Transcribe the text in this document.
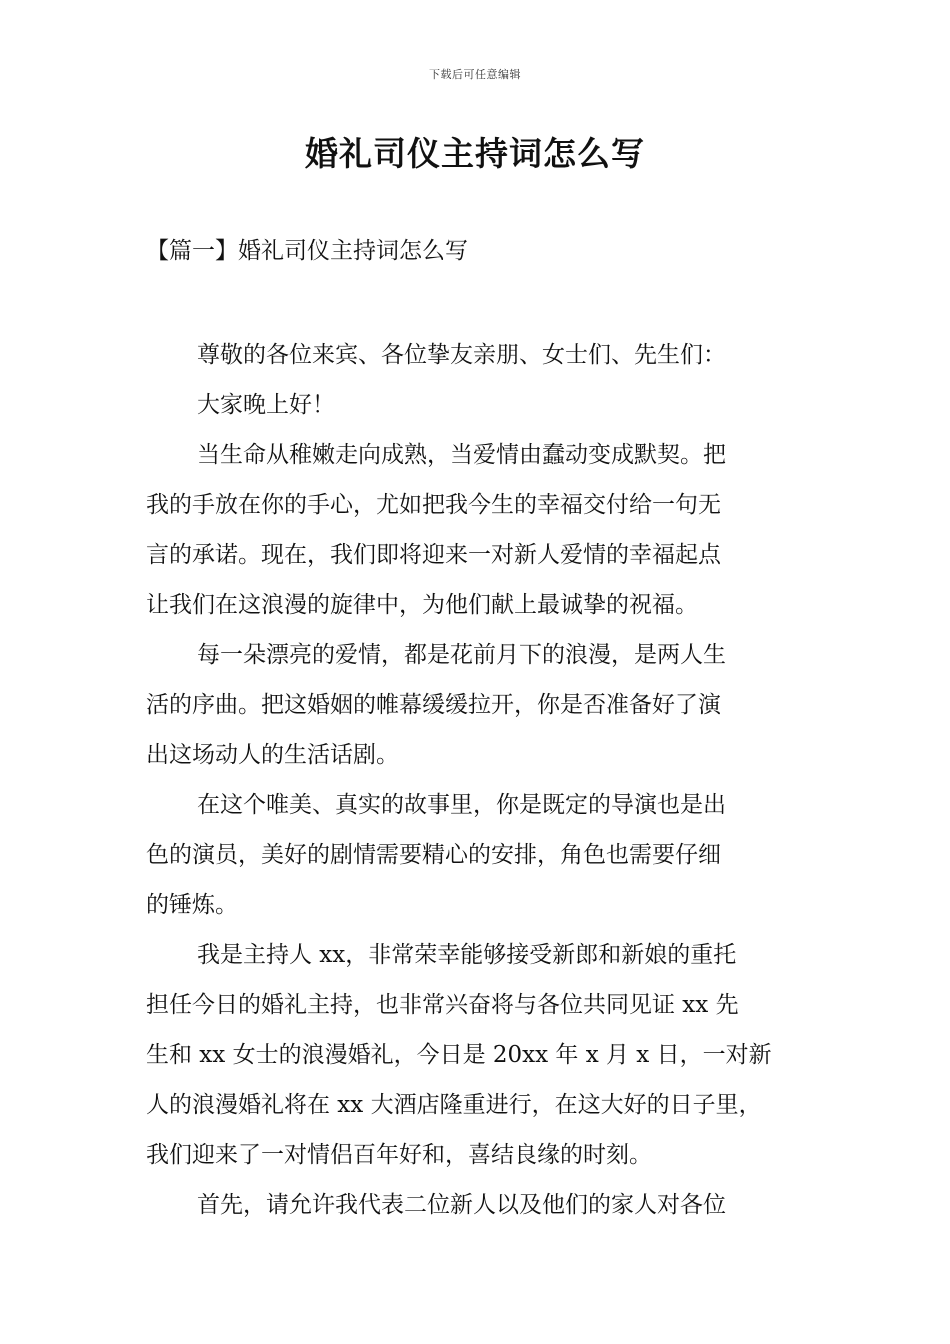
下载后可任意编辑
婚礼司仪主持词怎么写
【篇一】婚礼司仪主持词怎么写
尊敬的各位来宾、各位挚友亲朋、女士们、先生们：
大家晚上好！
当生命从稚嫩走向成熟，当爱情由蠢动变成默契。把
我的手放在你的手心，尤如把我今生的幸福交付给一句无
言的承诺。现在，我们即将迎来一对新人爱情的幸福起点
让我们在这浪漫的旋律中，为他们献上最诚挚的祝福。
每一朵漂亮的爱情，都是花前月下的浪漫，是两人生
活的序曲。把这婚姻的帷幕缓缓拉开，你是否准备好了演
出这场动人的生活话剧。
在这个唯美、真实的故事里，你是既定的导演也是出
色的演员，美好的剧情需要精心的安排，角色也需要仔细
的锤炼。
我是主持人 xx，非常荣幸能够接受新郎和新娘的重托
担任今日的婚礼主持，也非常兴奋将与各位共同见证 xx 先
生和 xx 女士的浪漫婚礼，今日是 20xx 年 x 月 x 日，一对新
人的浪漫婚礼将在 xx 大酒店隆重进行，在这大好的日子里，
我们迎来了一对情侣百年好和，喜结良缘的时刻。
首先，请允许我代表二位新人以及他们的家人对各位
